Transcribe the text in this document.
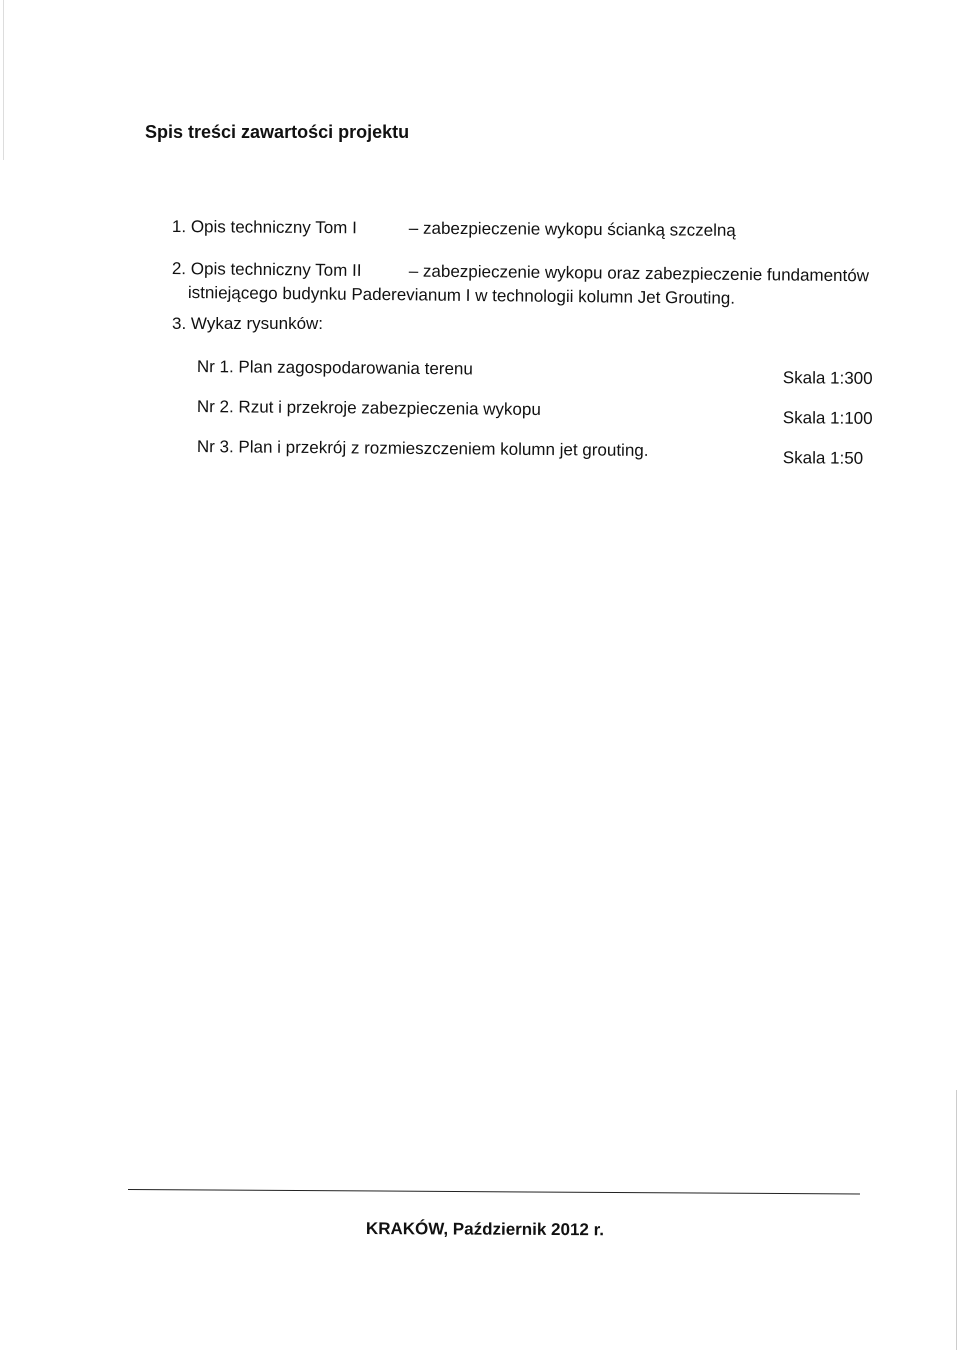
Spis treści zawartości projektu
1. Opis techniczny Tom I	– zabezpieczenie wykopu ścianką szczelną
2. Opis techniczny Tom II	– zabezpieczenie wykopu oraz zabezpieczenie fundamentów
istniejącego budynku Paderevianum I w technologii kolumn Jet Grouting.
3. Wykaz rysunków:
Nr 1. Plan zagospodarowania terenu	Skala 1:300
Nr 2. Rzut i przekroje zabezpieczenia wykopu	Skala 1:100
Nr 3. Plan i przekrój z rozmieszczeniem kolumn jet grouting.	Skala 1:50
KRAKÓW, Październik 2012 r.
